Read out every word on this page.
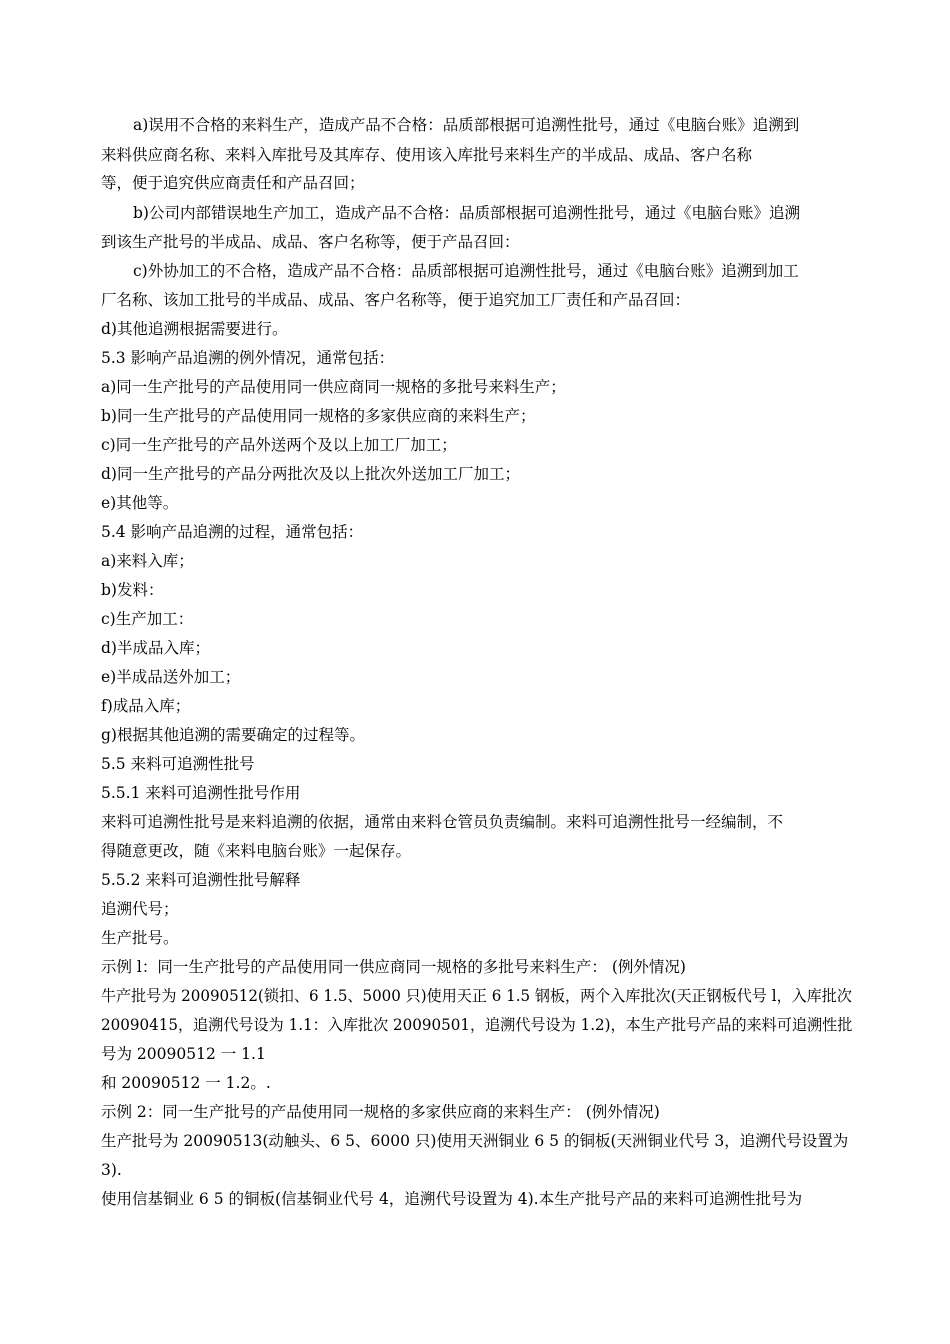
a)误用不合格的来料生产，造成产品不合格：品质部根据可追溯性批号，通过《电脑台账》追溯到
来料供应商名称、来料入库批号及其库存、使用该入库批号来料生产的半成品、成品、客户名称
等，便于追究供应商责任和产品召回；
b)公司内部错误地生产加工，造成产品不合格：品质部根据可追溯性批号，通过《电脑台账》追溯
到该生产批号的半成品、成品、客户名称等，便于产品召回：
c)外协加工的不合格，造成产品不合格：品质部根据可追溯性批号，通过《电脑台账》追溯到加工
厂名称、该加工批号的半成品、成品、客户名称等，便于追究加工厂责任和产品召回：
d)其他追溯根据需要进行。
5.3 影响产品追溯的例外情况，通常包括：
a)同一生产批号的产品使用同一供应商同一规格的多批号来料生产；
b)同一生产批号的产品使用同一规格的多家供应商的来料生产；
c)同一生产批号的产品外送两个及以上加工厂加工；
d)同一生产批号的产品分两批次及以上批次外送加工厂加工；
e)其他等。
5.4 影响产品追溯的过程，通常包括：
a)来料入库；
b)发料：
c)生产加工：
d)半成品入库；
e)半成品送外加工；
f)成品入库；
g)根据其他追溯的需要确定的过程等。
5.5 来料可追溯性批号
5.5.1 来料可追溯性批号作用
来料可追溯性批号是来料追溯的依据，通常由来料仓管员负责编制。来料可追溯性批号一经编制，不
得随意更改，随《来料电脑台账》一起保存。
5.5.2 来料可追溯性批号解释
追溯代号；
生产批号。
示例 l：同一生产批号的产品使用同一供应商同一规格的多批号来料生产： (例外情况)
牛产批号为 20090512(锁扣、6 1.5、5000 只)使用天正 6 1.5 钢板，两个入库批次(天正钢板代号 l，入库批次
20090415，追溯代号设为 1.1：入库批次 20090501，追溯代号设为 1.2)，本生产批号产品的来料可追溯性批
号为 20090512 一 1.1
和 20090512 一 1.2。.
示例 2：同一生产批号的产品使用同一规格的多家供应商的来料生产： (例外情况)
生产批号为 20090513(动触头、6 5、6000 只)使用天洲铜业 6 5 的铜板(天洲铜业代号 3，追溯代号设置为
3).
使用信基铜业 6 5 的铜板(信基铜业代号 4，追溯代号设置为 4).本生产批号产品的来料可追溯性批号为
